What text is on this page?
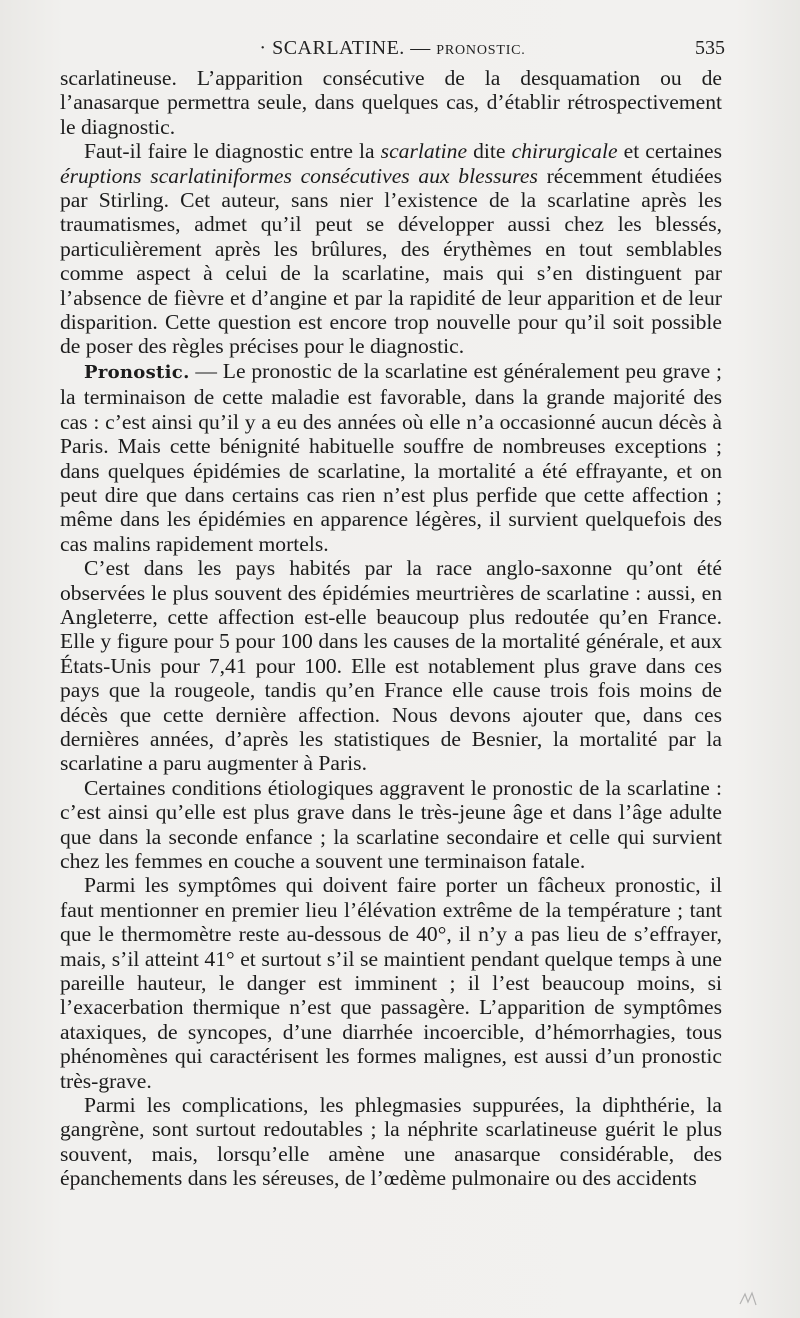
· SCARLATINE. — PRONOSTIC.	535

scarlatineuse. L’apparition consécutive de la desquamation ou de l’anasarque permettra seule, dans quelques cas, d’établir rétrospectivement le diagnostic.

Faut-il faire le diagnostic entre la scarlatine dite chirurgicale et certaines éruptions scarlatiniformes consécutives aux blessures récemment étudiées par Stirling. Cet auteur, sans nier l’existence de la scarlatine après les traumatismes, admet qu’il peut se développer aussi chez les blessés, particulièrement après les brûlures, des érythèmes en tout semblables comme aspect à celui de la scarlatine, mais qui s’en distinguent par l’absence de fièvre et d’angine et par la rapidité de leur apparition et de leur disparition. Cette question est encore trop nouvelle pour qu’il soit possible de poser des règles précises pour le diagnostic.

Pronostic. — Le pronostic de la scarlatine est généralement peu grave ; la terminaison de cette maladie est favorable, dans la grande majorité des cas : c’est ainsi qu’il y a eu des années où elle n’a occasionné aucun décès à Paris. Mais cette bénignité habituelle souffre de nombreuses exceptions ; dans quelques épidémies de scarlatine, la mortalité a été effrayante, et on peut dire que dans certains cas rien n’est plus perfide que cette affection ; même dans les épidémies en apparence légères, il survient quelquefois des cas malins rapidement mortels.

C’est dans les pays habités par la race anglo-saxonne qu’ont été observées le plus souvent des épidémies meurtrières de scarlatine : aussi, en Angleterre, cette affection est-elle beaucoup plus redoutée qu’en France. Elle y figure pour 5 pour 100 dans les causes de la mortalité générale, et aux États-Unis pour 7,41 pour 100. Elle est notablement plus grave dans ces pays que la rougeole, tandis qu’en France elle cause trois fois moins de décès que cette dernière affection. Nous devons ajouter que, dans ces dernières années, d’après les statistiques de Besnier, la mortalité par la scarlatine a paru augmenter à Paris.

Certaines conditions étiologiques aggravent le pronostic de la scarlatine : c’est ainsi qu’elle est plus grave dans le très-jeune âge et dans l’âge adulte que dans la seconde enfance ; la scarlatine secondaire et celle qui survient chez les femmes en couche a souvent une terminaison fatale.

Parmi les symptômes qui doivent faire porter un fâcheux pronostic, il faut mentionner en premier lieu l’élévation extrême de la température ; tant que le thermomètre reste au-dessous de 40°, il n’y a pas lieu de s’effrayer, mais, s’il atteint 41° et surtout s’il se maintient pendant quelque temps à une pareille hauteur, le danger est imminent ; il l’est beaucoup moins, si l’exacerbation thermique n’est que passagère. L’apparition de symptômes ataxiques, de syncopes, d’une diarrhée incoercible, d’hémorrhagies, tous phénomènes qui caractérisent les formes malignes, est aussi d’un pronostic très-grave.

Parmi les complications, les phlegmasies suppurées, la diphthérie, la gangrène, sont surtout redoutables ; la néphrite scarlatineuse guérit le plus souvent, mais, lorsqu’elle amène une anasarque considérable, des épanchements dans les séreuses, de l’œdème pulmonaire ou des accidents
